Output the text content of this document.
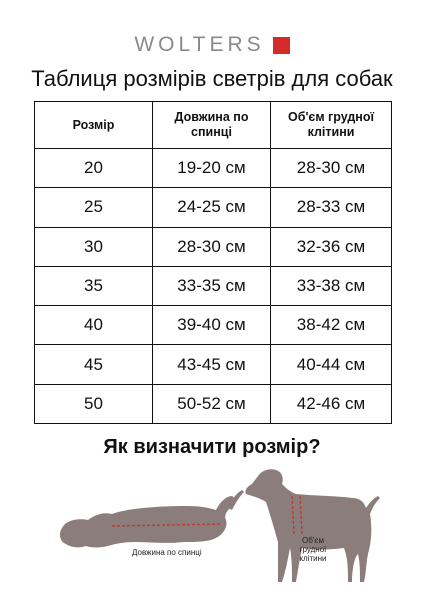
WOLTERS
Таблиця розмірів светрів для собак
Розмір	Довжина по спинці	Об'єм грудної клітини
20	19-20 см	28-30 см
25	24-25 см	28-33 см
30	28-30 см	32-36 см
35	33-35 см	33-38 см
40	39-40 см	38-42 см
45	43-45 см	40-44 см
50	50-52 см	42-46 см
Як визначити розмір?
Довжина по спинці
Об'єм
грудної
клітини
